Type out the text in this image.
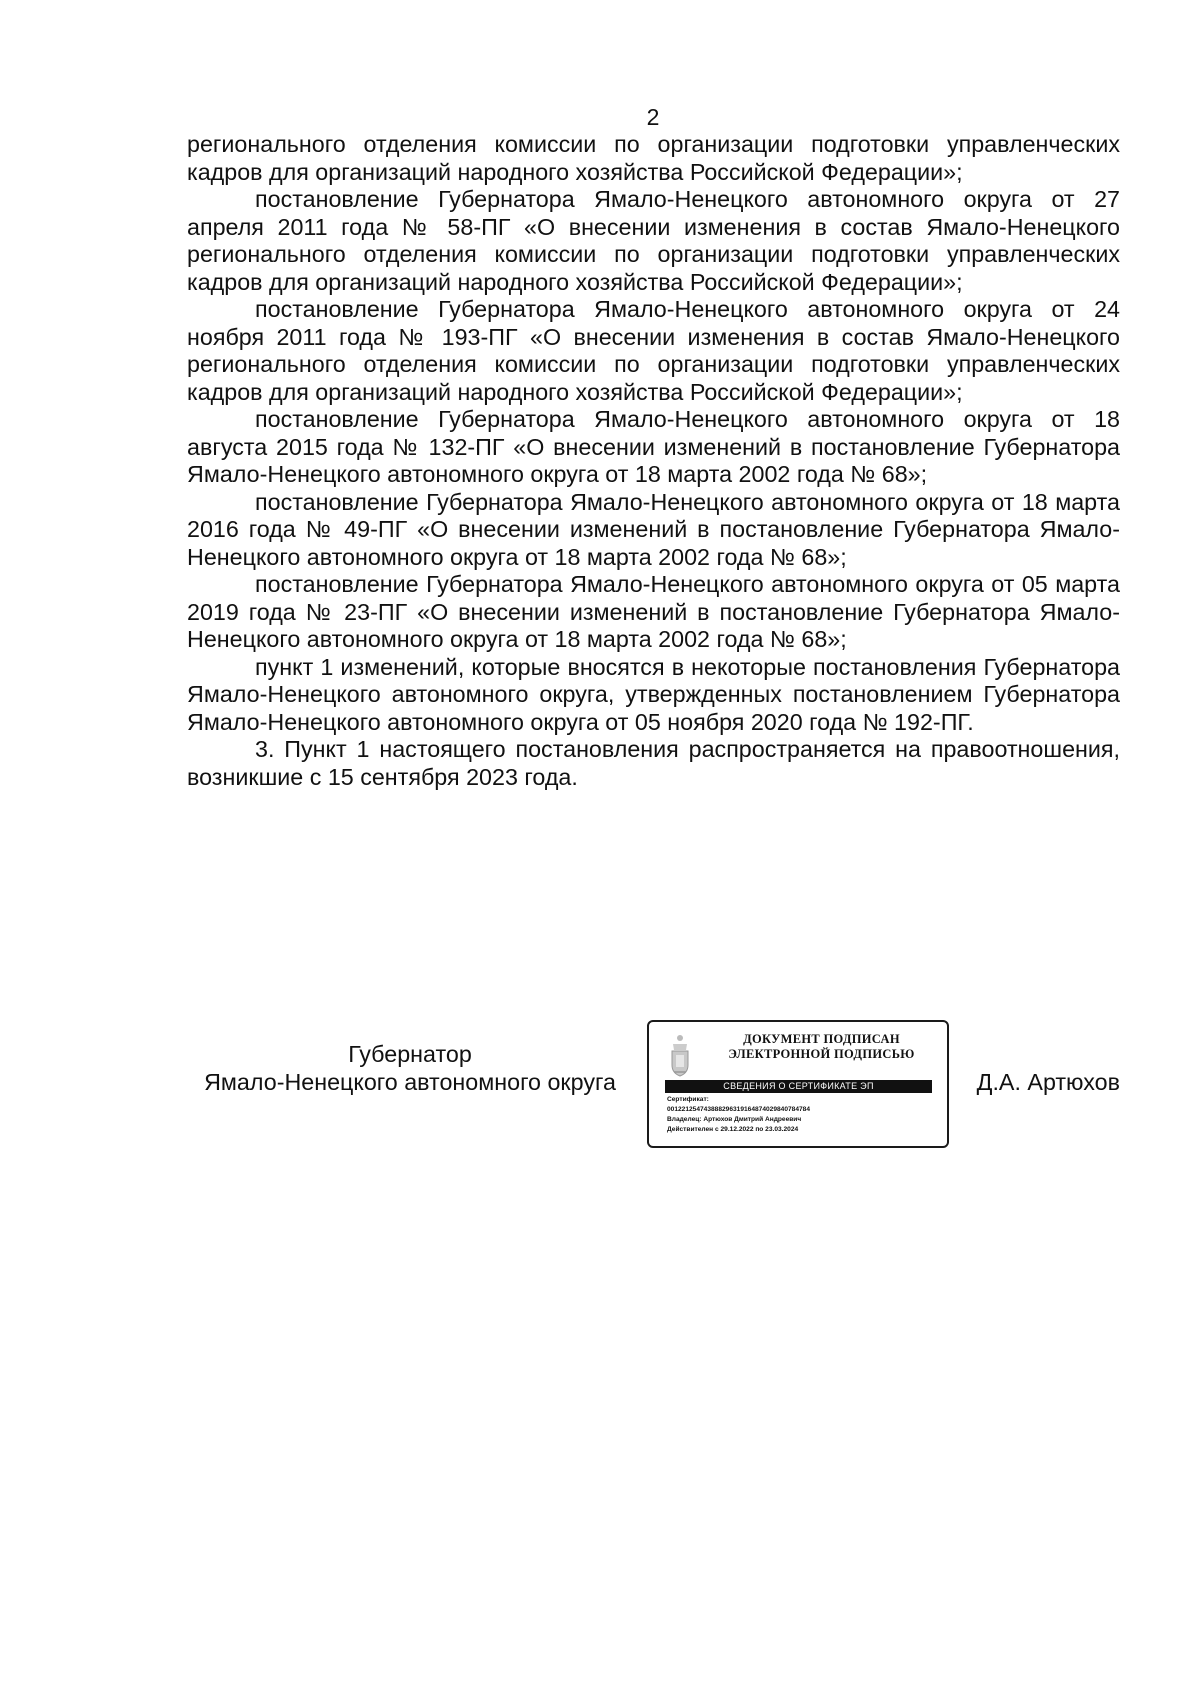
2

регионального отделения комиссии по организации подготовки управленческих кадров для организаций народного хозяйства Российской Федерации»;

постановление Губернатора Ямало-Ненецкого автономного округа от 27 апреля 2011 года № 58-ПГ «О внесении изменения в состав Ямало-Ненецкого регионального отделения комиссии по организации подготовки управленческих кадров для организаций народного хозяйства Российской Федерации»;

постановление Губернатора Ямало-Ненецкого автономного округа от 24 ноября 2011 года № 193-ПГ «О внесении изменения в состав Ямало-Ненецкого регионального отделения комиссии по организации подготовки управленческих кадров для организаций народного хозяйства Российской Федерации»;

постановление Губернатора Ямало-Ненецкого автономного округа от 18 августа 2015 года № 132-ПГ «О внесении изменений в постановление Губернатора Ямало-Ненецкого автономного округа от 18 марта 2002 года № 68»;

постановление Губернатора Ямало-Ненецкого автономного округа от 18 марта 2016 года № 49-ПГ «О внесении изменений в постановление Губернатора Ямало-Ненецкого автономного округа от 18 марта 2002 года № 68»;

постановление Губернатора Ямало-Ненецкого автономного округа от 05 марта 2019 года № 23-ПГ «О внесении изменений в постановление Губернатора Ямало-Ненецкого автономного округа от 18 марта 2002 года № 68»;

пункт 1 изменений, которые вносятся в некоторые постановления Губернатора Ямало-Ненецкого автономного округа, утвержденных постановлением Губернатора Ямало-Ненецкого автономного округа от 05 ноября 2020 года № 192-ПГ.

3. Пункт 1 настоящего постановления распространяется на правоотношения, возникшие с 15 сентября 2023 года.

Губернатор
Ямало-Ненецкого автономного округа
ДОКУМЕНТ ПОДПИСАН
ЭЛЕКТРОННОЙ ПОДПИСЬЮ
СВЕДЕНИЯ О СЕРТИФИКАТЕ ЭП
Сертификат:
001221254743888296319164874029840784784
Владелец: Артюхов Дмитрий Андреевич
Действителен с 29.12.2022 по 23.03.2024
Д.А. Артюхов
